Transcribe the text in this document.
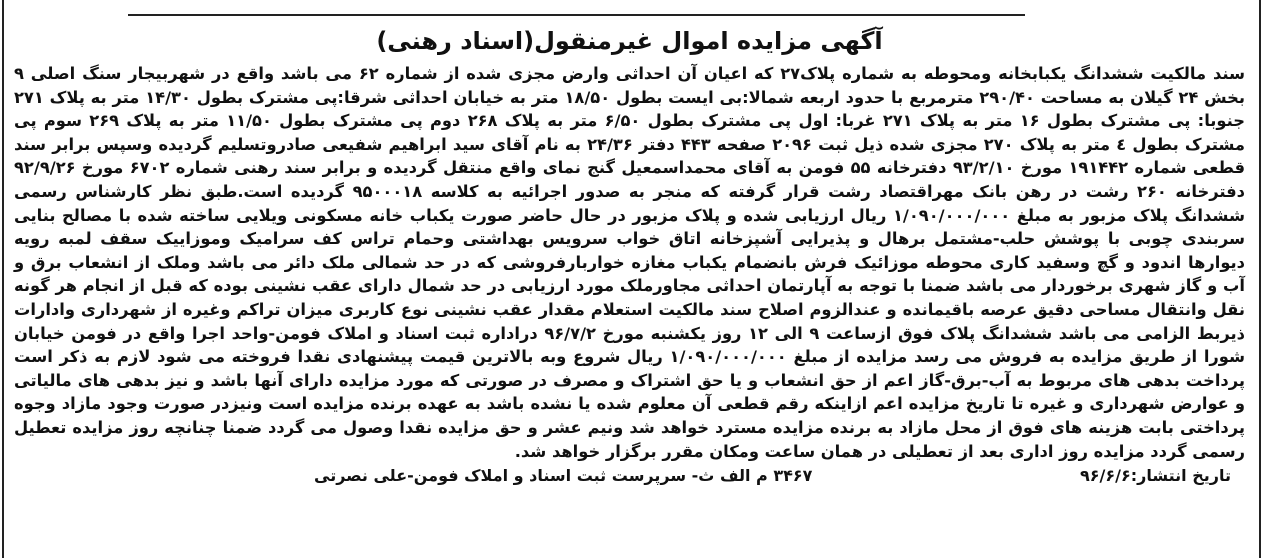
آگهی مزایده اموال غیرمنقول(اسناد رهنی)

سند مالکیت ششدانگ یکبابخانه ومحوطه به شماره پلاک۲۷ که اعیان آن احداثی وارض مجزی شده از شماره ۶۲ می باشد واقع در شهربیجار سنگ اصلی ۹ بخش ۲۴ گیلان به مساحت ۲۹۰/۴۰ مترمربع با حدود اربعه شمالا:بی ایست بطول ۱۸/۵۰ متر به خیابان احداثی شرقا:پی مشترک بطول ۱۴/۳۰ متر به پلاک ۲۷۱ جنوبا: پی مشترک بطول ۱۶ متر به پلاک ۲۷۱ غربا: اول پی مشترک بطول ۶/۵۰ متر به پلاک ۲۶۸ دوم پی مشترک بطول ۱۱/۵۰ متر به پلاک ۲۶۹ سوم پی مشترک بطول ٤ متر به پلاک ۲۷۰ مجزی شده ذیل ثبت ۲۰۹۶ صفحه ۴۴۳ دفتر ۲۴/۳۶ به نام آقای سید ابراهیم شفیعی صادروتسلیم گردیده وسپس برابر سند قطعی شماره ۱۹۱۴۴۲ مورخ ۹۳/۲/۱۰ دفترخانه ۵۵ فومن به آقای محمداسمعیل گنج نمای واقع منتقل گردیده و برابر سند رهنی شماره ۶۷۰۲ مورخ ۹۲/۹/۲۶ دفترخانه ۲۶۰ رشت در رهن بانک مهراقتصاد رشت قرار گرفته که منجر به صدور اجرائیه به کلاسه ۹۵۰۰۰۱۸ گردیده است.طبق نظر کارشناس رسمی ششدانگ پلاک مزبور به مبلغ ۱/۰۹۰/۰۰۰/۰۰۰ ریال ارزیابی شده و پلاک مزبور در حال حاضر صورت یکباب خانه مسکونی ویلایی ساخته شده با مصالح بنایی سربندی چوبی با پوشش حلب-مشتمل برهال و پذیرایی آشپزخانه اتاق خواب سرویس بهداشتی وحمام تراس کف سرامیک وموزاییک سقف لمبه رویه دیوارها اندود و گچ وسفید کاری محوطه موزائیک فرش بانضمام یکباب مغازه خواربارفروشی که در حد شمالی ملک دائر می باشد وملک از انشعاب برق و آب و گاز شهری برخوردار می باشد ضمنا با توجه به آپارتمان احداثی مجاورملک مورد ارزیابی در حد شمال دارای عقب نشینی بوده که قبل از انجام هر گونه نقل وانتقال مساحی دقیق عرصه باقیمانده و عندالزوم اصلاح سند مالکیت استعلام مقدار عقب نشینی نوع کاربری میزان تراکم وغیره از شهرداری وادارات ذیربط الزامی می باشد ششدانگ پلاک فوق ازساعت ۹ الی ۱۲ روز یکشنبه مورخ ۹۶/۷/۲ دراداره ثبت اسناد و املاک فومن-واحد اجرا واقع در فومن خیابان شورا از طریق مزایده به فروش می رسد مزایده از مبلغ ۱/۰۹۰/۰۰۰/۰۰۰ ریال شروع وبه بالاترین قیمت پیشنهادی نقدا فروخته می شود لازم به ذکر است پرداخت بدهی های مربوط به آب-برق-گاز اعم از حق انشعاب و یا حق اشتراک و مصرف در صورتی که مورد مزایده دارای آنها باشد و نیز بدهی های مالیاتی و عوارض شهرداری و غیره تا تاریخ مزایده اعم ازاینکه رقم قطعی آن معلوم شده یا نشده باشد به عهده برنده مزایده است ونیزدر صورت وجود مازاد وجوه پرداختی بابت هزینه های فوق از محل مازاد به برنده مزایده مسترد خواهد شد ونیم عشر و حق مزایده نقدا وصول می گردد ضمنا چنانچه روز مزایده تعطیل رسمی گردد مزایده روز اداری بعد از تعطیلی در همان ساعت ومکان مقرر برگزار خواهد شد.

تاریخ انتشار:۹۶/۶/۶
۳۴۶۷ م الف ث- سرپرست ثبت اسناد و املاک فومن-علی نصرتی
